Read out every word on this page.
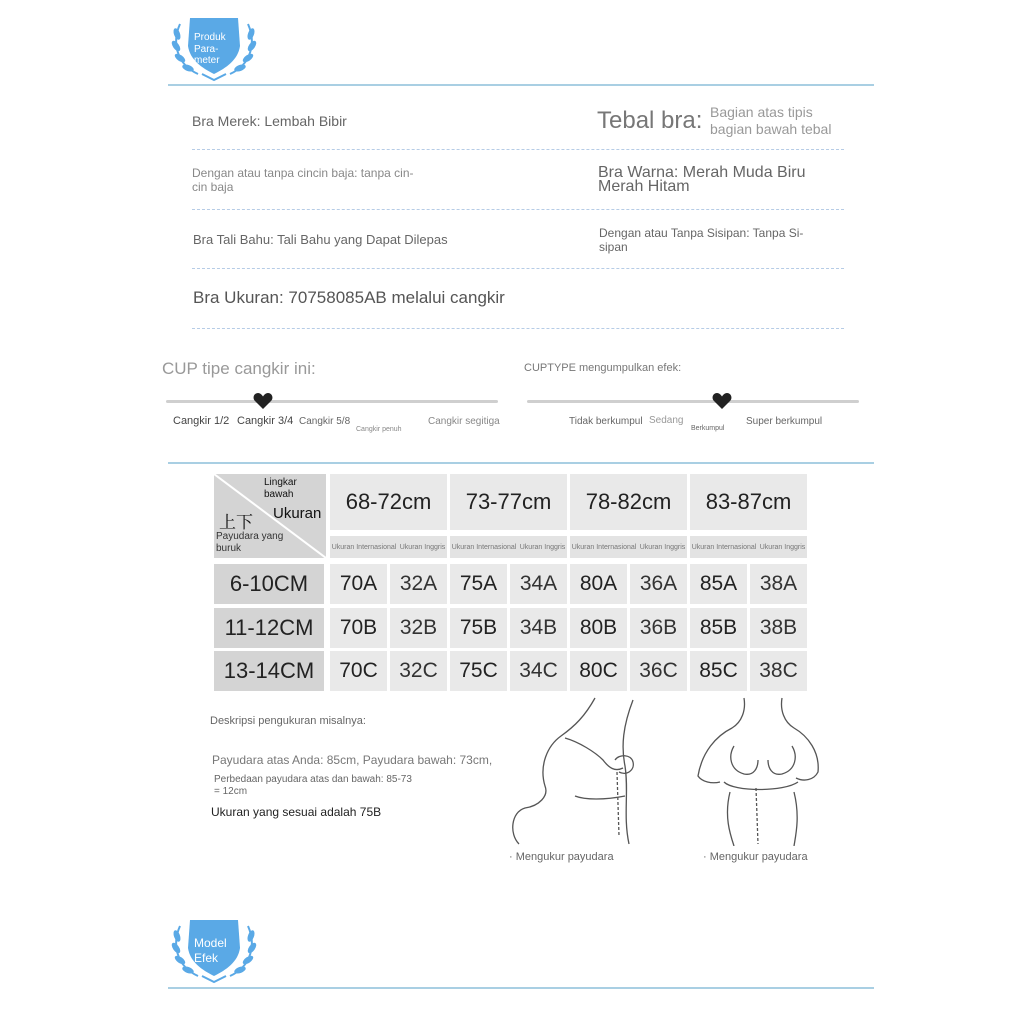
Produk
Para-
meter
Bra Merek: Lembah Bibir	Tebal bra: Bagian atas tipis
bagian bawah tebal
Dengan atau tanpa cincin baja: tanpa cin-
cin baja
Bra Warna: Merah Muda Biru
Merah Hitam
Bra Tali Bahu: Tali Bahu yang Dapat Dilepas	Dengan atau Tanpa Sisipan: Tanpa Si-
sipan
Bra Ukuran: 70758085AB melalui cangkir
CUP tipe cangkir ini:
Cangkir 1/2 Cangkir 3/4 Cangkir 5/8
Cangkir penuh
Cangkir segitiga
CUPTYPE mengumpulkan efek:
Tidak berkumpul Sedang
Berkumpul
Super berkumpul
Lingkar bawah
Ukuran
上下
Payudara yang buruk
68-72cm	73-77cm	78-82cm	83-87cm
Ukuran Internasional Ukuran Inggris Ukuran Internasional Ukuran Inggris Ukuran Internasional Ukuran Inggris Ukuran Internasional Ukuran Inggris
6-10CM	70A	32A	75A	34A	80A	36A	85A	38A
11-12CM	70B	32B	75B	34B	80B	36B	85B	38B
13-14CM	70C	32C	75C	34C	80C	36C	85C	38C
Deskripsi pengukuran misalnya:
Payudara atas Anda: 85cm, Payudara bawah: 73cm,
Perbedaan payudara atas dan bawah: 85-73
= 12cm
Ukuran yang sesuai adalah 75B
· Mengukur payudara	· Mengukur payudara
Model
Efek
